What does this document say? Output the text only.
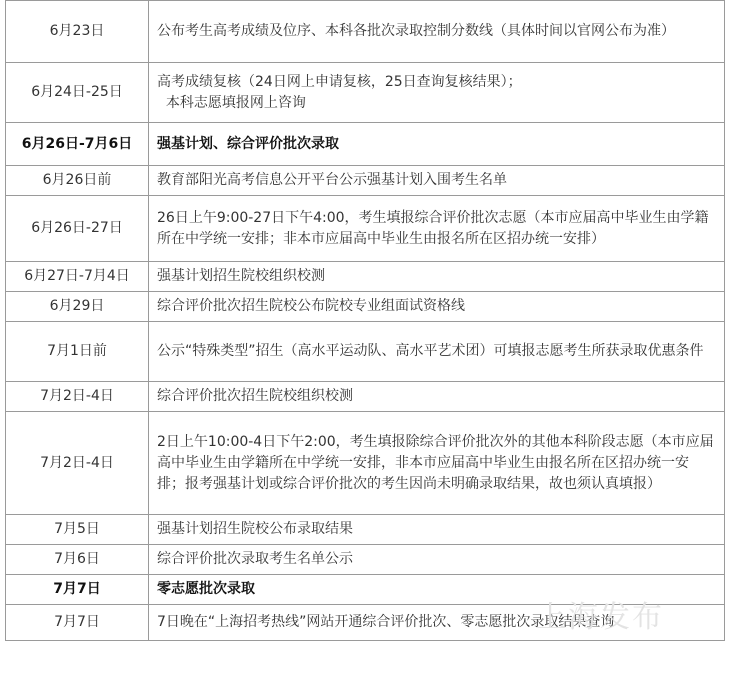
6月23日	公布考生高考成绩及位序、本科各批次录取控制分数线（具体时间以官网公布为准）
6月24日-25日	高考成绩复核（24日网上申请复核，25日查询复核结果）；
本科志愿填报网上咨询
6月26日-7月6日	强基计划、综合评价批次录取
6月26日前	教育部阳光高考信息公开平台公示强基计划入围考生名单
6月26日-27日	26日上午9:00-27日下午4:00，考生填报综合评价批次志愿（本市应届高中毕业生由学籍所在中学统一安排；非本市应届高中毕业生由报名所在区招办统一安排）
6月27日-7月4日	强基计划招生院校组织校测
6月29日	综合评价批次招生院校公布院校专业组面试资格线
7月1日前	公示“特殊类型”招生（高水平运动队、高水平艺术团）可填报志愿考生所获录取优惠条件
7月2日-4日	综合评价批次招生院校组织校测
7月2日-4日	2日上午10:00-4日下午2:00，考生填报除综合评价批次外的其他本科阶段志愿（本市应届高中毕业生由学籍所在中学统一安排，非本市应届高中毕业生由报名所在区招办统一安排；报考强基计划或综合评价批次的考生因尚未明确录取结果，故也须认真填报）
7月5日	强基计划招生院校公布录取结果
7月6日	综合评价批次录取考生名单公示
7月7日	零志愿批次录取
7月7日	7日晚在“上海招考热线”网站开通综合评价批次、零志愿批次录取结果查询
上海发布
